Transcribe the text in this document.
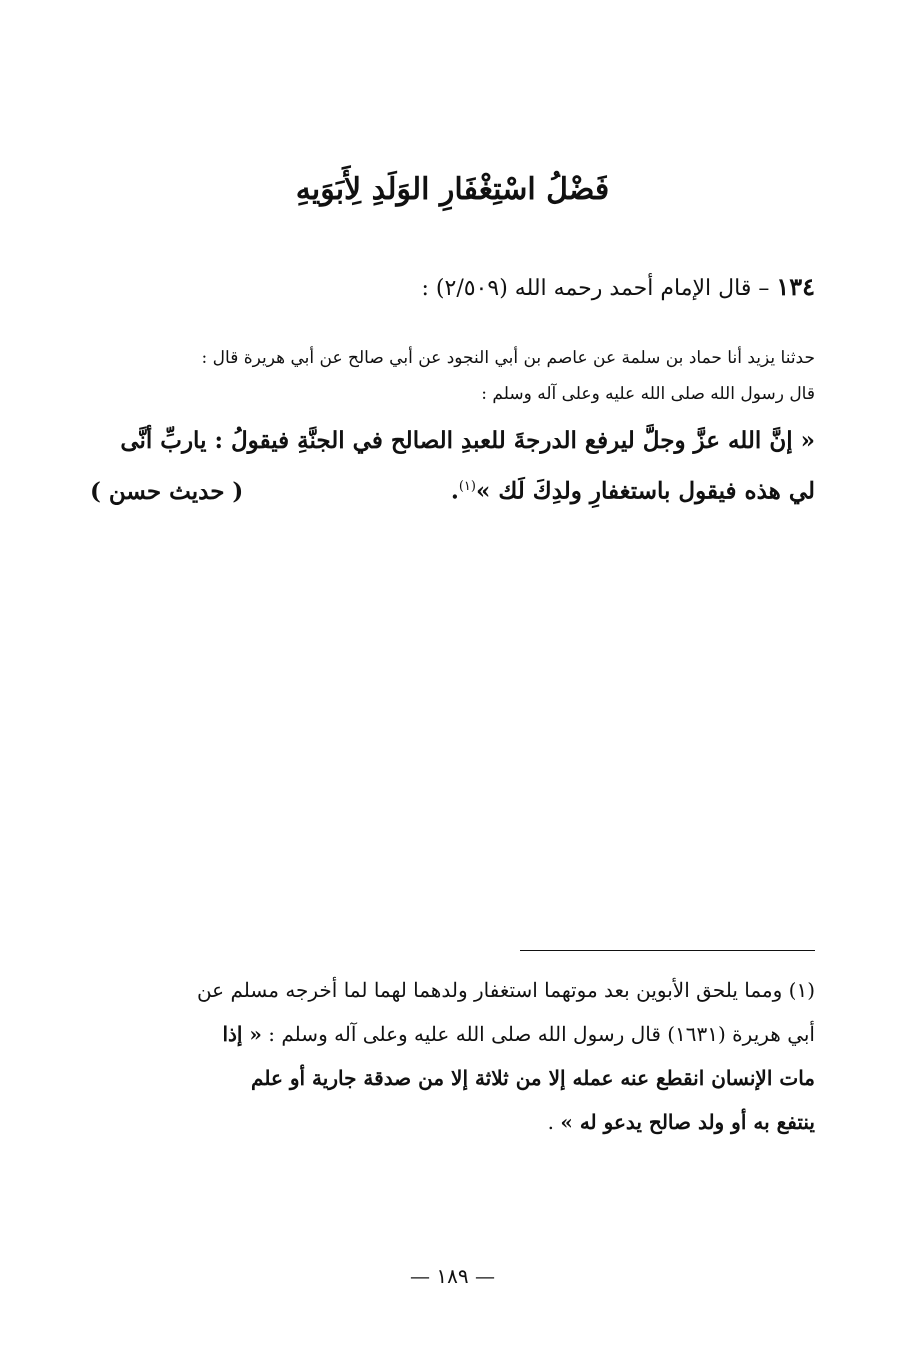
فَضْلُ اسْتِغْفَارِ الوَلَدِ لِأَبَوَيهِ
١٣٤ – قال الإمام أحمد رحمه الله (٢/٥٠٩) :

حدثنا يزيد أنا حماد بن سلمة عن عاصم بن أبي النجود عن أبي صالح عن أبي هريرة قال :

قال رسول الله صلى الله عليه وعلى آله وسلم :

« إنَّ الله عزَّ وجلَّ ليرفع الدرجةَ للعبدِ الصالح في الجنَّةِ فيقولُ : ياربِّ أنَّى

لي هذه فيقول باستغفارِ ولدِكَ لَك »$^{(١)}$.
( حديث حسن )

(١) ومما يلحق الأبوين بعد موتهما استغفار ولدهما لهما لما أخرجه مسلم عن

أبي هريرة (١٦٣١) قال رسول الله صلى الله عليه وعلى آله وسلم : « إذا

مات الإنسان انقطع عنه عمله إلا من ثلاثة إلا من صدقة جارية أو علم

ينتفع به أو ولد صالح يدعو له » .

— ١٨٩ —
